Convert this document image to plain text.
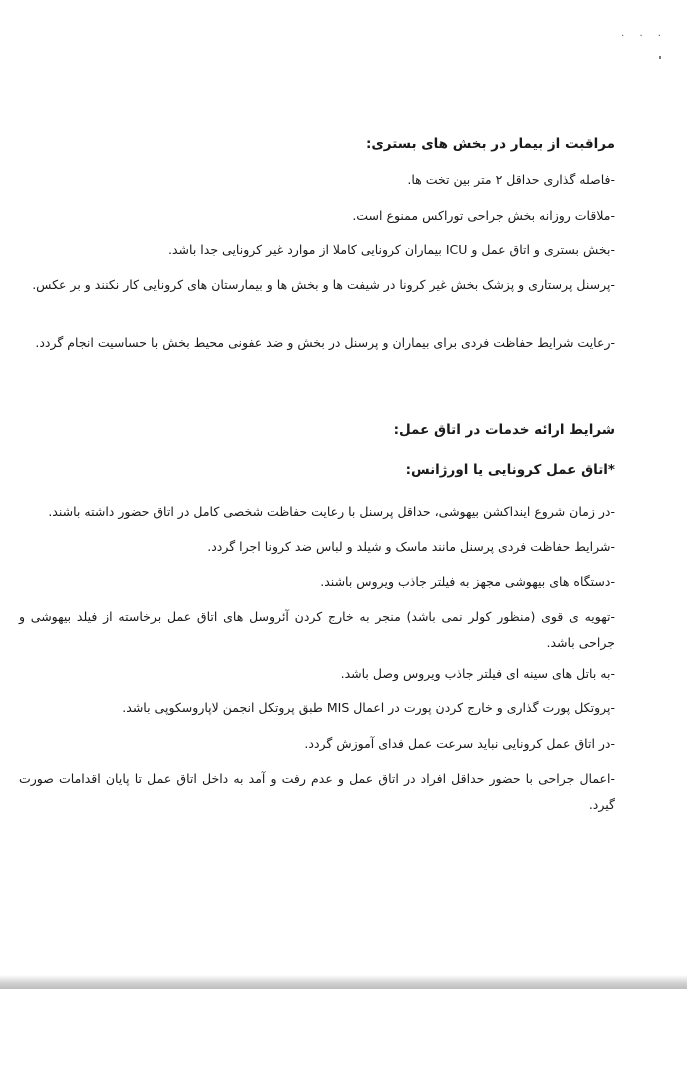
. . .
مراقبت از بیمار در بخش های بستری:
-فاصله گذاری حداقل ۲ متر بین تخت ها.
-ملاقات روزانه بخش جراحی توراکس ممنوع است.
-بخش بستری و اتاق عمل و ICU بیماران کرونایی کاملا از موارد غیر کرونایی جدا باشد.
-پرسنل پرستاری و پزشک بخش غیر کرونا در شیفت ها و بخش ها و بیمارستان های کرونایی کار نکنند و بر عکس.
-رعایت شرایط حفاظت فردی برای بیماران و پرسنل در بخش و ضد عفونی محیط بخش با حساسیت انجام گردد.
شرایط ارائه خدمات در اتاق عمل:
*اتاق عمل کرونایی یا اورژانس:
-در زمان شروع ایندا‌کشن بیهوشی، حداقل پرسنل با رعایت حفاظت شخصی کامل در اتاق حضور داشته باشند.
-شرایط حفاظت فردی پرسنل مانند ماسک و شیلد و لباس ضد کرونا اجرا گردد.
-دستگاه های بیهوشی مجهز به فیلتر جاذب ویروس باشند.
-تهویه ی قوی (منظور کولر نمی باشد) منجر به خارج کردن آئروسل های اتاق عمل برخاسته از فیلد بیهوشی و جراحی باشد.
-به باتل های سینه ای فیلتر جاذب ویروس وصل باشد.
-پروتکل پورت گذاری و خارج کردن پورت در اعمال MIS طبق پروتکل انجمن لاپاروسکوپی باشد.
-در اتاق عمل کرونایی نباید سرعت عمل فدای آموزش گردد.
-اعمال جراحی با حضور حداقل افراد در اتاق عمل و عدم رفت و آمد به داخل اتاق عمل تا پایان اقدامات صورت گیرد.
